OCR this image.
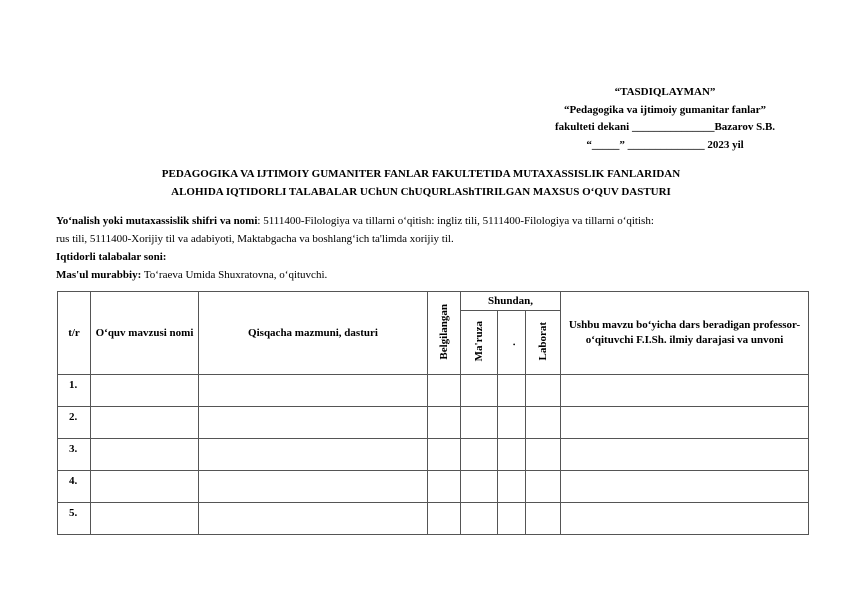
“TASDIQLAYMAN”
“Pedagogika va ijtimoiy gumanitar fanlar”
fakulteti dekani _______________Bazarov S.B.
“_____” ______________ 2023 yil
PEDAGOGIKA VA IJTIMOIY GUMANITER FANLAR FAKULTETIDA MUTAXASSISLIK FANLARIDAN
ALOHIDA IQTIDORLI TALABALAR UChUN ChUQURLAShTIRILGAN MAXSUS O‘QUV DASTURI
Yo‘nalish yoki mutaxassislik shifri va nomi: 5111400-Filologiya va tillarni o‘qitish: ingliz tili, 5111400-Filologiya va tillarni o‘qitish:
rus tili, 5111400-Xorijiy til va adabiyoti, Maktabgacha va boshlang‘ich ta'limda xorijiy til.
Iqtidorli talabalar soni:
Mas'ul murabbiy: To‘raeva Umida Shuxratovna, o‘qituvchi.
t/r	O‘quv mavzusi nomi	Qisqacha mazmuni, dasturi	Belgilangan	Shundan,			Ushbu mavzu bo‘yicha dars beradigan professor-o‘qituvchi F.I.Sh. ilmiy darajasi va unvoni
				Ma'ruza	.	Laborat	
1.							
2.							
3.							
4.							
5.							
